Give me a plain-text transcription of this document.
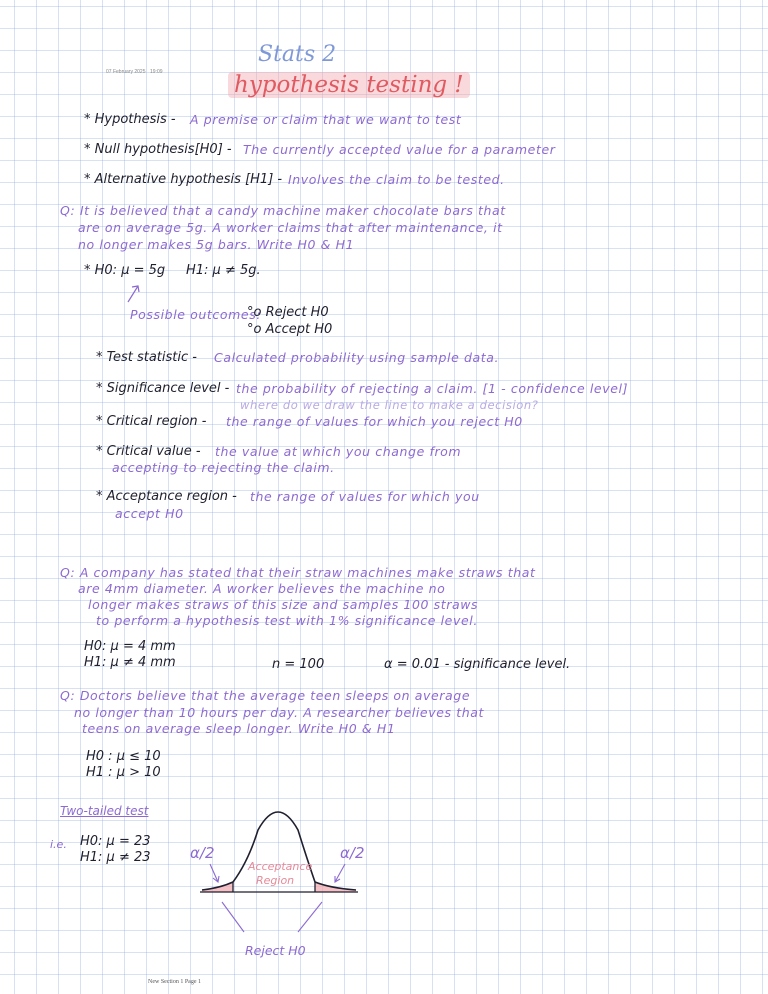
07 February 2025 19:09
Stats 2
hypothesis testing !
* Hypothesis - A premise or claim that we want to test
* Null hypothesis[H0] - The currently accepted value for a parameter
* Alternative hypothesis [H1] - Involves the claim to be tested.
Q: It is believed that a candy machine maker chocolate bars that
are on average 5g. A worker claims that after maintenance, it
no longer makes 5g bars. Write H0 & H1
* H0: μ = 5g H1: μ ≠ 5g.
Possible outcomes:
°o Reject H0
°o Accept H0
* Test statistic - Calculated probability using sample data.
* Significance level - the probability of rejecting a claim. [1 - confidence level]
where do we draw the line to make a decision?
* Critical region - the range of values for which you reject H0
* Critical value - the value at which you change from
accepting to rejecting the claim.
* Acceptance region - the range of values for which you
accept H0
Q: A company has stated that their straw machines make straws that
are 4mm diameter. A worker believes the machine no
longer makes straws of this size and samples 100 straws
to perform a hypothesis test with 1% significance level.
H0: μ = 4 mm
H1: μ ≠ 4 mm	n = 100	α = 0.01 - significance level.
Q: Doctors believe that the average teen sleeps on average
no longer than 10 hours per day. A researcher believes that
teens on average sleep longer. Write H0 & H1
H0 : μ ≤ 10
H1 : μ > 10
Two-tailed test
i.e. H0: μ = 23
H1: μ ≠ 23	α/2	α/2
Acceptance
Region
Reject H0
New Section 1 Page 1
